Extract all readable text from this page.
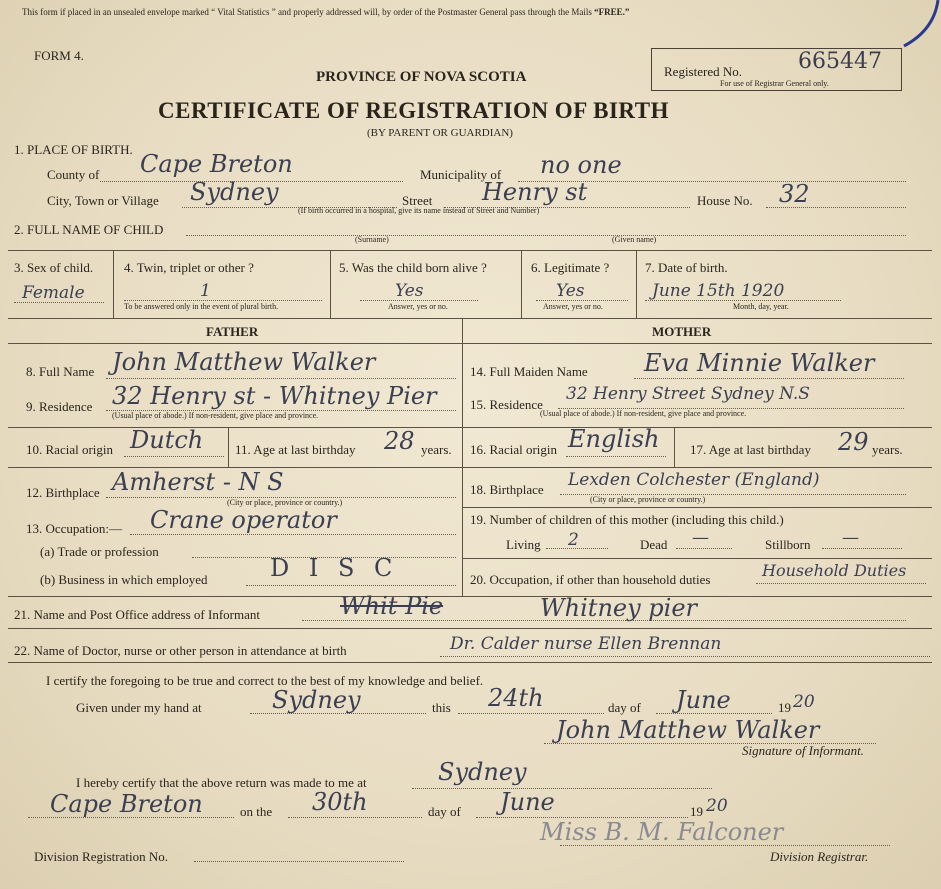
This form if placed in an unsealed envelope marked “ Vital Statistics ” and properly addressed will, by order of the Postmaster General pass through the Mails “FREE.”
FORM 4.
PROVINCE OF NOVA SCOTIA
CERTIFICATE OF REGISTRATION OF BIRTH
(BY PARENT OR GUARDIAN)
Registered No.	665447
For use of Registrar General only.
1. PLACE OF BIRTH.
County of Cape Breton	Municipality of no one
City, Town or Village Sydney	Street Henry st
(If birth occurred in a hospital, give its name instead of Street and Number)
House No. 32
2. FULL NAME OF CHILD
(Surname)	(Given name)
3. Sex of child.
Female
4. Twin, triplet or other ?
1
To be answered only in the event of plural birth.
5. Was the child born alive ?
Yes
Answer, yes or no.
6. Legitimate ?
Yes
Answer, yes or no.
7. Date of birth.
June 15th 1920
Month, day, year.
FATHER	MOTHER
8. Full Name John Matthew Walker
9. Residence 32 Henry st - Whitney Pier
(Usual place of abode.) If non-resident, give place and province.
10. Racial origin Dutch 11. Age at last birthday 28 years.
12. Birthplace Amherst - N S
(City or place, province or country.)
13. Occupation:— Crane operator
(a) Trade or profession
(b) Business in which employed	D I S C
14. Full Maiden Name Eva Minnie Walker
15. Residence
32 Henry Street Sydney N.S
(Usual place of abode.) If non-resident, give place and province.
16. Racial origin English 17. Age at last birthday 29 years.
18. Birthplace Lexden Colchester (England)
(City or place, province or country.)
19. Number of children of this mother (including this child.)
Living 2	Dead —	Stillborn —
20. Occupation, if other than household duties	Household Duties
21. Name and Post Office address of Informant	Whit Pie	Whitney pier
22. Name of Doctor, nurse or other person in attendance at birth	Dr. Calder nurse Ellen Brennan
I certify the foregoing to be true and correct to the best of my knowledge and belief.
Given under my hand at	Sydney	this 24th	day of June	19 20
John Matthew Walker
Signature of Informant.
I hereby certify that the above return was made to me at	Sydney
Cape Breton	on the 30th	day of June	19 20
Miss B. M. Falconer
Division Registration No.	Division Registrar.
